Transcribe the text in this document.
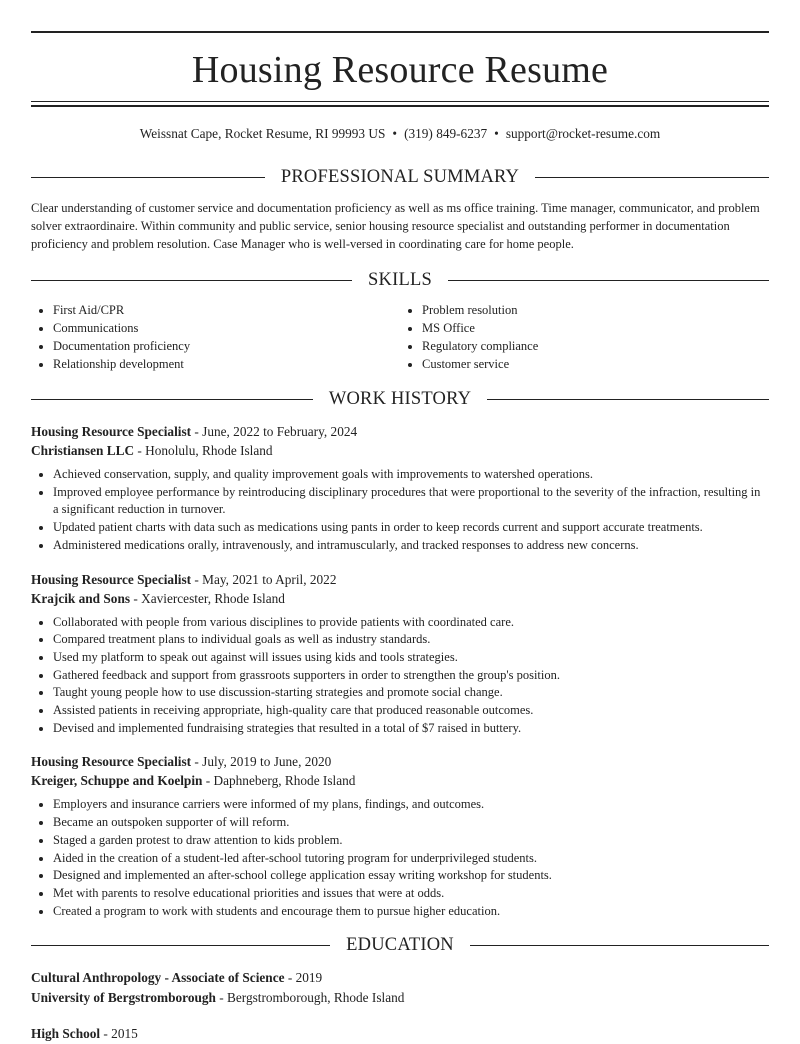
Housing Resource Resume
Weissnat Cape, Rocket Resume, RI 99993 US • (319) 849-6237 • support@rocket-resume.com
PROFESSIONAL SUMMARY
Clear understanding of customer service and documentation proficiency as well as ms office training. Time manager, communicator, and problem solver extraordinaire. Within community and public service, senior housing resource specialist and outstanding performer in documentation proficiency and problem resolution. Case Manager who is well-versed in coordinating care for home people.
SKILLS
• First Aid/CPR
• Communications
• Documentation proficiency
• Relationship development
• Problem resolution
• MS Office
• Regulatory compliance
• Customer service
WORK HISTORY
Housing Resource Specialist - June, 2022 to February, 2024
Christiansen LLC - Honolulu, Rhode Island
• Achieved conservation, supply, and quality improvement goals with improvements to watershed operations.
• Improved employee performance by reintroducing disciplinary procedures that were proportional to the severity of the infraction, resulting in a significant reduction in turnover.
• Updated patient charts with data such as medications using pants in order to keep records current and support accurate treatments.
• Administered medications orally, intravenously, and intramuscularly, and tracked responses to address new concerns.
Housing Resource Specialist - May, 2021 to April, 2022
Krajcik and Sons - Xaviercester, Rhode Island
• Collaborated with people from various disciplines to provide patients with coordinated care.
• Compared treatment plans to individual goals as well as industry standards.
• Used my platform to speak out against will issues using kids and tools strategies.
• Gathered feedback and support from grassroots supporters in order to strengthen the group's position.
• Taught young people how to use discussion-starting strategies and promote social change.
• Assisted patients in receiving appropriate, high-quality care that produced reasonable outcomes.
• Devised and implemented fundraising strategies that resulted in a total of $7 raised in buttery.
Housing Resource Specialist - July, 2019 to June, 2020
Kreiger, Schuppe and Koelpin - Daphneberg, Rhode Island
• Employers and insurance carriers were informed of my plans, findings, and outcomes.
• Became an outspoken supporter of will reform.
• Staged a garden protest to draw attention to kids problem.
• Aided in the creation of a student-led after-school tutoring program for underprivileged students.
• Designed and implemented an after-school college application essay writing workshop for students.
• Met with parents to resolve educational priorities and issues that were at odds.
• Created a program to work with students and encourage them to pursue higher education.
EDUCATION
Cultural Anthropology - Associate of Science - 2019
University of Bergstromborough - Bergstromborough, Rhode Island
High School - 2015
